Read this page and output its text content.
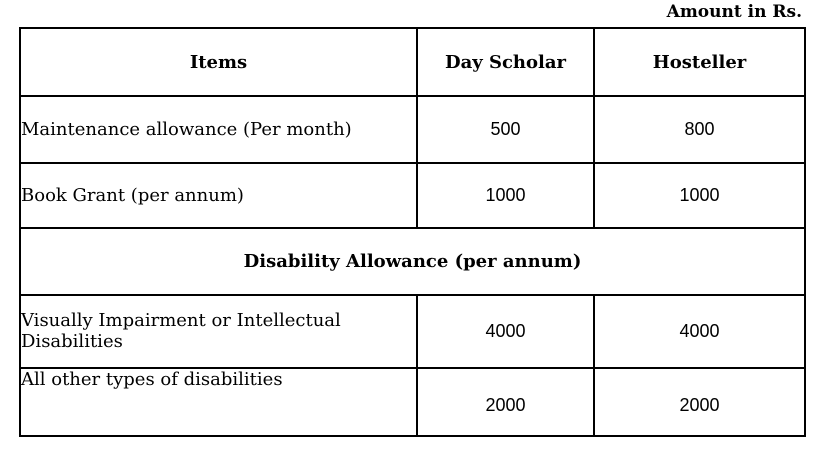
Amount in Rs.
Items	Day Scholar	Hosteller
Maintenance allowance (Per month)	500	800
Book Grant (per annum)	1000	1000
Disability Allowance (per annum)		
Visually Impairment or Intellectual Disabilities	4000	4000
All other types of disabilities	2000	2000
